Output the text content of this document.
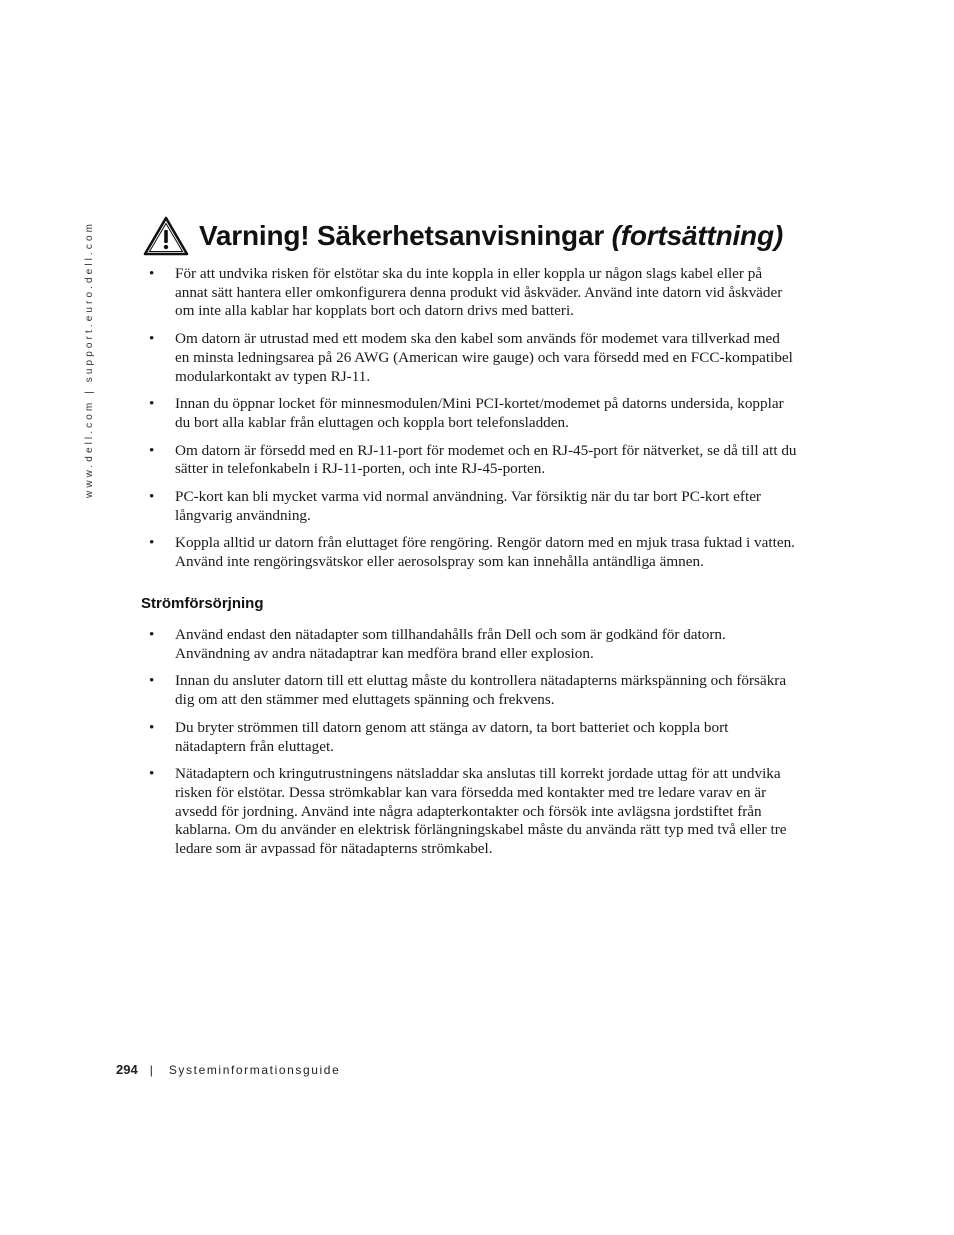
www.dell.com | support.euro.dell.com	Varning! Säkerhetsanvisningar (fortsättning)
• För att undvika risken för elstötar ska du inte koppla in eller koppla ur någon slags kabel eller på annat sätt hantera eller omkonfigurera denna produkt vid åskväder. Använd inte datorn vid åskväder om inte alla kablar har kopplats bort och datorn drivs med batteri.
• Om datorn är utrustad med ett modem ska den kabel som används för modemet vara tillverkad med en minsta ledningsarea på 26 AWG (American wire gauge) och vara försedd med en FCC-kompatibel modularkontakt av typen RJ-11.
• Innan du öppnar locket för minnesmodulen/Mini PCI-kortet/modemet på datorns undersida, kopplar du bort alla kablar från eluttagen och koppla bort telefonsladden.
• Om datorn är försedd med en RJ-11-port för modemet och en RJ-45-port för nätverket, se då till att du sätter in telefonkabeln i RJ-11-porten, och inte RJ-45-porten.
• PC-kort kan bli mycket varma vid normal användning. Var försiktig när du tar bort PC-kort efter långvarig användning.
• Koppla alltid ur datorn från eluttaget före rengöring. Rengör datorn med en mjuk trasa fuktad i vatten. Använd inte rengöringsvätskor eller aerosolspray som kan innehålla antändliga ämnen.
Strömförsörjning
• Använd endast den nätadapter som tillhandahålls från Dell och som är godkänd för datorn. Användning av andra nätadaptrar kan medföra brand eller explosion.
• Innan du ansluter datorn till ett eluttag måste du kontrollera nätadapterns märkspänning och försäkra dig om att den stämmer med eluttagets spänning och frekvens.
• Du bryter strömmen till datorn genom att stänga av datorn, ta bort batteriet och koppla bort nätadaptern från eluttaget.
• Nätadaptern och kringutrustningens nätsladdar ska anslutas till korrekt jordade uttag för att undvika risken för elstötar. Dessa strömkablar kan vara försedda med kontakter med tre ledare varav en är avsedd för jordning. Använd inte några adapterkontakter och försök inte avlägsna jordstiftet från kablarna. Om du använder en elektrisk förlängningskabel måste du använda rätt typ med två eller tre ledare som är avpassad för nätadapterns strömkabel.
294 | Systeminformationsguide
